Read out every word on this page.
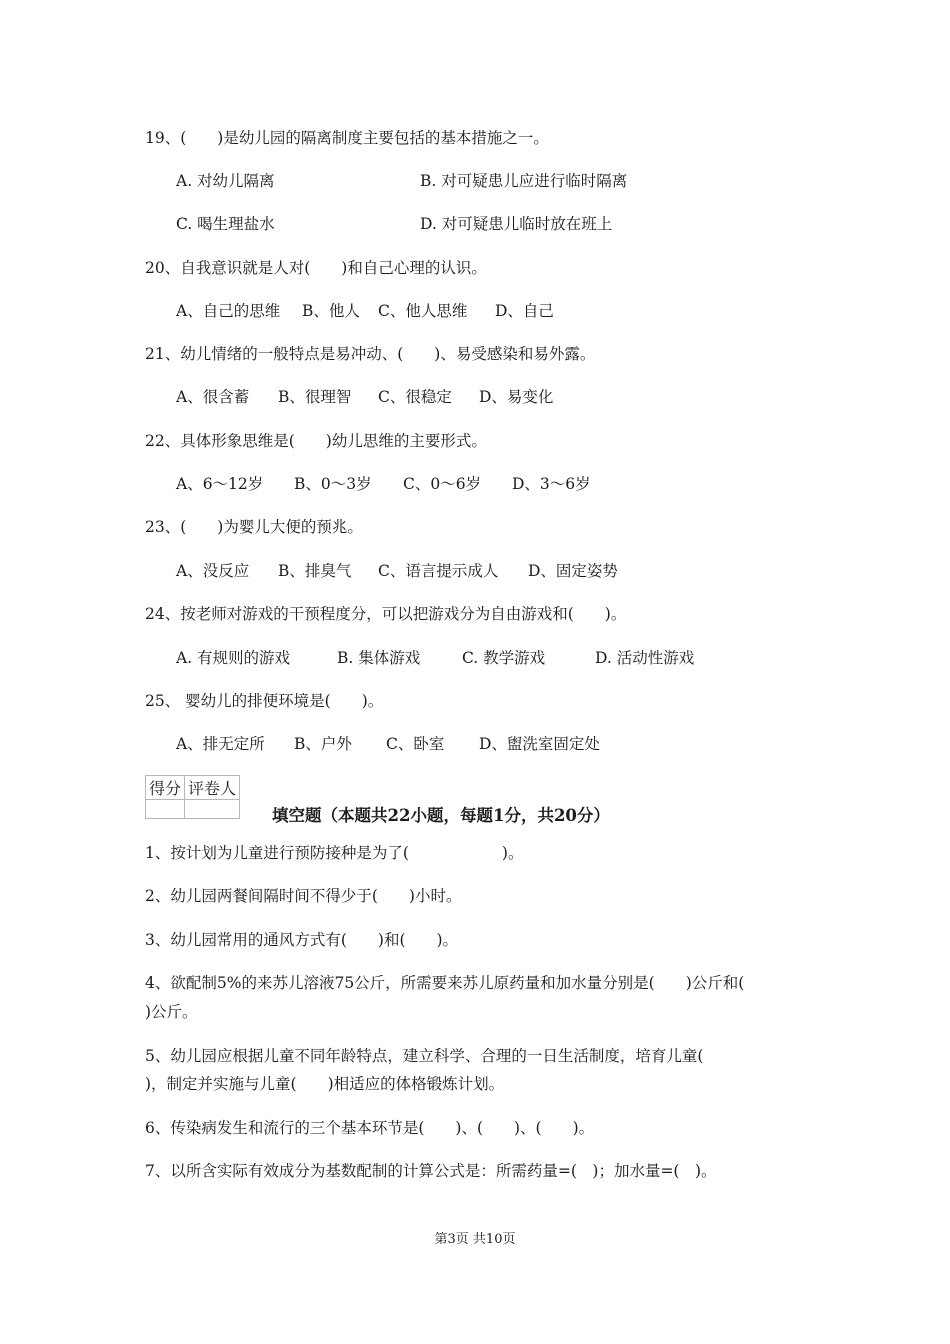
19、(　　)是幼儿园的隔离制度主要包括的基本措施之一。
A. 对幼儿隔离	B. 对可疑患儿应进行临时隔离
C. 喝生理盐水	D. 对可疑患儿临时放在班上
20、自我意识就是人对(　　)和自己心理的认识。
A、自己的思维 B、他人 C、他人思维 D、自己
21、幼儿情绪的一般特点是易冲动、(　　)、易受感染和易外露。
A、很含蓄 B、很理智 C、很稳定 D、易变化
22、具体形象思维是(　　)幼儿思维的主要形式。
A、6～12岁 B、0～3岁 C、0～6岁 D、3～6岁
23、(　　)为婴儿大便的预兆。
A、没反应 B、排臭气 C、语言提示成人 D、固定姿势
24、按老师对游戏的干预程度分，可以把游戏分为自由游戏和(　　)。
A. 有规则的游戏	B. 集体游戏	C. 教学游戏	D. 活动性游戏
25、 婴幼儿的排便环境是(　　)。
A、排无定所 B、户外 C、卧室 D、盥洗室固定处
得分	评卷人

填空题（本题共22小题，每题1分，共20分）
1、按计划为儿童进行预防接种是为了(　　　　　　)。
2、幼儿园两餐间隔时间不得少于(　　)小时。
3、幼儿园常用的通风方式有(　　)和(　　)。
4、欲配制5%的来苏儿溶液75公斤，所需要来苏儿原药量和加水量分别是(　　)公斤和(
)公斤。
5、幼儿园应根据儿童不同年龄特点，建立科学、合理的一日生活制度，培育儿童(
)，制定并实施与儿童(　　)相适应的体格锻炼计划。
6、传染病发生和流行的三个基本环节是(　　)、(　　)、(　　)。
7、以所含实际有效成分为基数配制的计算公式是：所需药量=(　)；加水量=(　)。
第3页 共10页
